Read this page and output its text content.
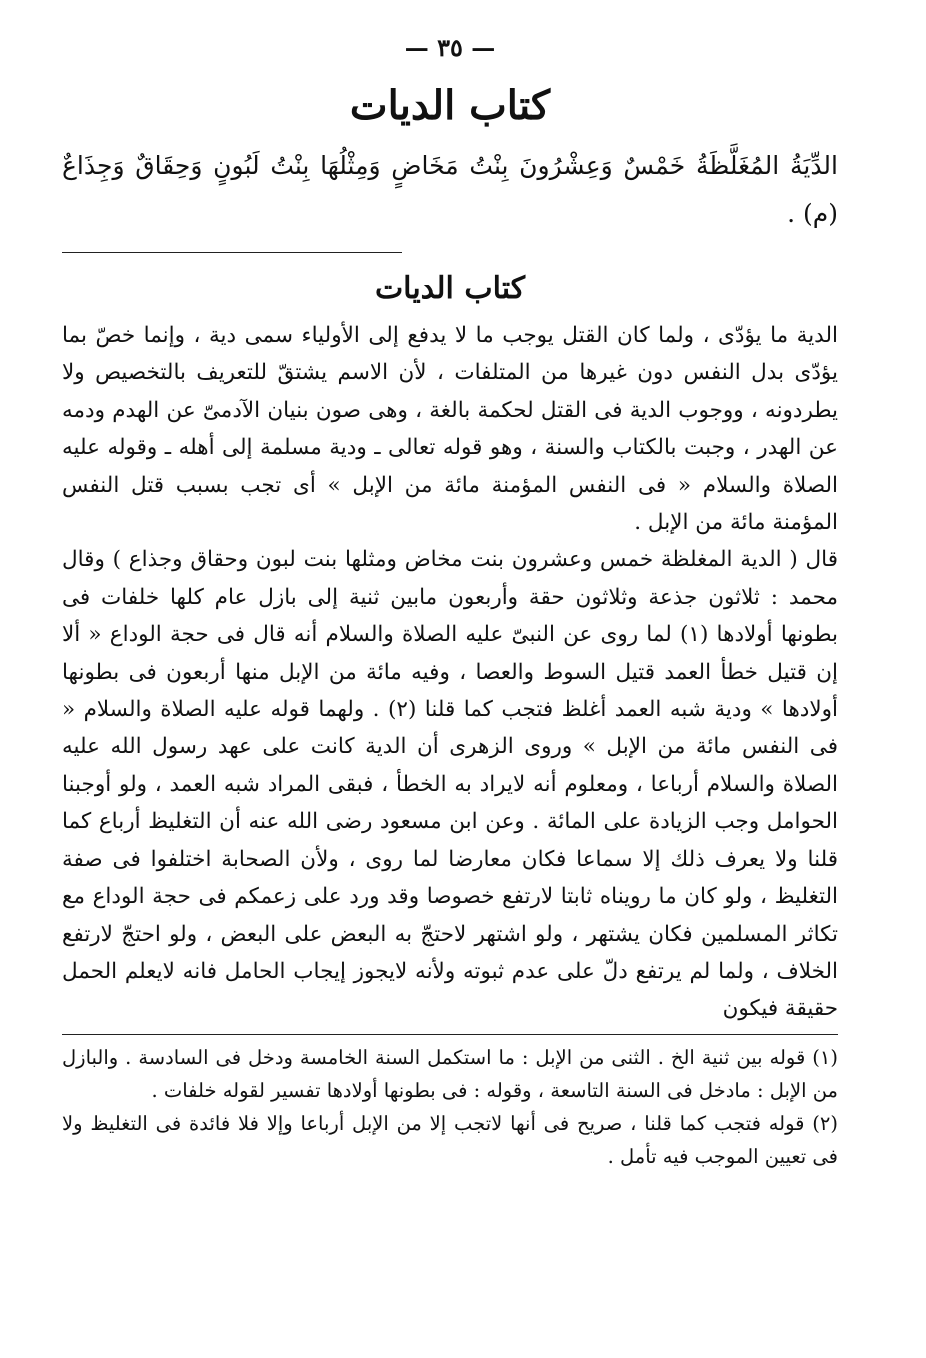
— ٣٥ —
كتاب الديات

الدِّيَةُ المُغَلَّظَةُ خَمْسٌ وَعِشْرُونَ بِنْتُ مَخَاضٍ وَمِثْلُهَا بِنْتُ لَبُونٍ وَحِقَاقٌ وَجِذَاعٌ (م) .

كتاب الديات

الدية ما يؤدّى ، ولما كان القتل يوجب ما لا يدفع إلى الأولياء سمى دية ، وإنما خصّ بما يؤدّى بدل النفس دون غيرها من المتلفات ، لأن الاسم يشتقّ للتعريف بالتخصيص ولا يطردونه ، ووجوب الدية فى القتل لحكمة بالغة ، وهى صون بنيان الآدمىّ عن الهدم ودمه عن الهدر ، وجبت بالكتاب والسنة ، وهو قوله تعالى ـ ودية مسلمة إلى أهله ـ وقوله عليه الصلاة والسلام « فى النفس المؤمنة مائة من الإبل » أى تجب بسبب قتل النفس المؤمنة مائة من الإبل .

قال ( الدية المغلظة خمس وعشرون بنت مخاض ومثلها بنت لبون وحقاق وجذاع ) وقال محمد : ثلاثون جذعة وثلاثون حقة وأربعون مابين ثنية إلى بازل عام كلها خلفات فى بطونها أولادها (١) لما روى عن النبىّ عليه الصلاة والسلام أنه قال فى حجة الوداع « ألا إن قتيل خطأ العمد قتيل السوط والعصا ، وفيه مائة من الإبل منها أربعون فى بطونها أولادها » ودية شبه العمد أغلظ فتجب كما قلنا (٢) . ولهما قوله عليه الصلاة والسلام « فى النفس مائة من الإبل » وروى الزهرى أن الدية كانت على عهد رسول الله عليه الصلاة والسلام أرباعا ، ومعلوم أنه لايراد به الخطأ ، فبقى المراد شبه العمد ، ولو أوجبنا الحوامل وجب الزيادة على المائة . وعن ابن مسعود رضى الله عنه أن التغليظ أرباع كما قلنا ولا يعرف ذلك إلا سماعا فكان معارضا لما روى ، ولأن الصحابة اختلفوا فى صفة التغليظ ، ولو كان ما رويناه ثابتا لارتفع خصوصا وقد ورد على زعمكم فى حجة الوداع مع تكاثر المسلمين فكان يشتهر ، ولو اشتهر لاحتجّ به البعض على البعض ، ولو احتجّ لارتفع الخلاف ، ولما لم يرتفع دلّ على عدم ثبوته ولأنه لايجوز إيجاب الحامل فانه لايعلم الحمل حقيقة فيكون

(١) قوله بين ثنية الخ . الثنى من الإبل : ما استكمل السنة الخامسة ودخل فى السادسة . والبازل من الإبل : مادخل فى السنة التاسعة ، وقوله : فى بطونها أولادها تفسير لقوله خلفات .

(٢) قوله فتجب كما قلنا ، صريح فى أنها لاتجب إلا من الإبل أرباعا وإلا فلا فائدة فى التغليظ ولا فى تعيين الموجب فيه تأمل .
